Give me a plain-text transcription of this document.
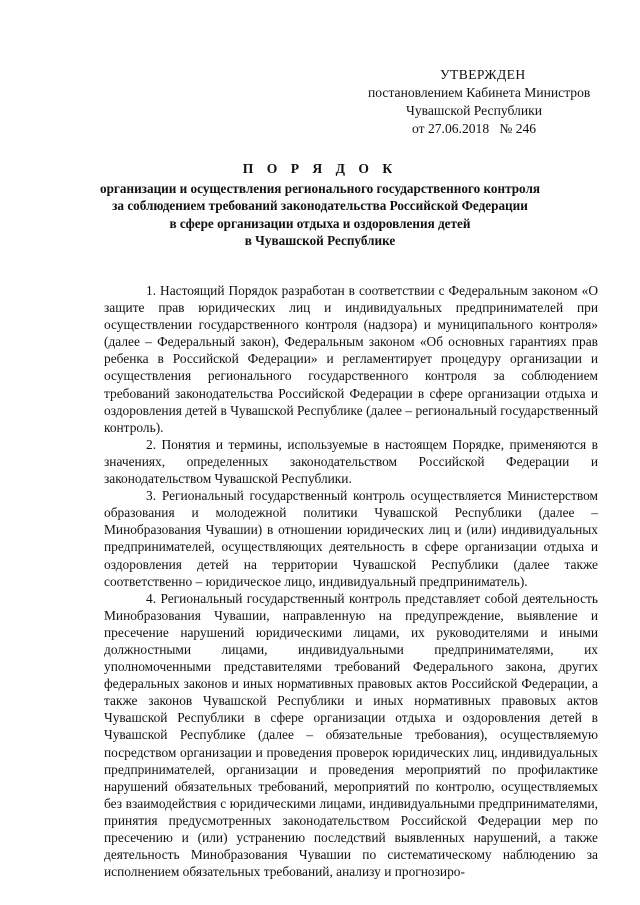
УТВЕРЖДЕН
постановлением Кабинета Министров
Чувашской Республики
от 27.06.2018   № 246
П О Р Я Д О К
организации и осуществления регионального государственного контроля
за соблюдением требований законодательства Российской Федерации
в сфере организации отдыха и оздоровления детей
в Чувашской Республике

1. Настоящий Порядок разработан в соответствии с Федеральным законом «О защите прав юридических лиц и индивидуальных предпринимателей при осуществлении государственного контроля (надзора) и муниципального контроля» (далее – Федеральный закон), Федеральным законом «Об основных гарантиях прав ребенка в Российской Федерации» и регламентирует процедуру организации и осуществления регионального государственного контроля за соблюдением требований законодательства Российской Федерации в сфере организации отдыха и оздоровления детей в Чувашской Республике (далее – региональный государственный контроль).

2. Понятия и термины, используемые в настоящем Порядке, применяются в значениях, определенных законодательством Российской Федерации и законодательством Чувашской Республики.

3. Региональный государственный контроль осуществляется Министерством образования и молодежной политики Чувашской Республики (далее – Минобразования Чувашии) в отношении юридических лиц и (или) индивидуальных предпринимателей, осуществляющих деятельность в сфере организации отдыха и оздоровления детей на территории Чувашской Республики (далее также соответственно – юридическое лицо, индивидуальный предприниматель).

4. Региональный государственный контроль представляет собой деятельность Минобразования Чувашии, направленную на предупреждение, выявление и пресечение нарушений юридическими лицами, их руководителями и иными должностными лицами, индивидуальными предпринимателями, их уполномоченными представителями требований Федерального закона, других федеральных законов и иных нормативных правовых актов Российской Федерации, а также законов Чувашской Республики и иных нормативных правовых актов Чувашской Республики в сфере организации отдыха и оздоровления детей в Чувашской Республике (далее – обязательные требования), осуществляемую посредством организации и проведения проверок юридических лиц, индивидуальных предпринимателей, организации и проведения мероприятий по профилактике нарушений обязательных требований, мероприятий по контролю, осуществляемых без взаимодействия с юридическими лицами, индивидуальными предпринимателями, принятия предусмотренных законодательством Российской Федерации мер по пресечению и (или) устранению последствий выявленных нарушений, а также деятельность Минобразования Чувашии по систематическому наблюдению за исполнением обязательных требований, анализу и прогнозиро-
